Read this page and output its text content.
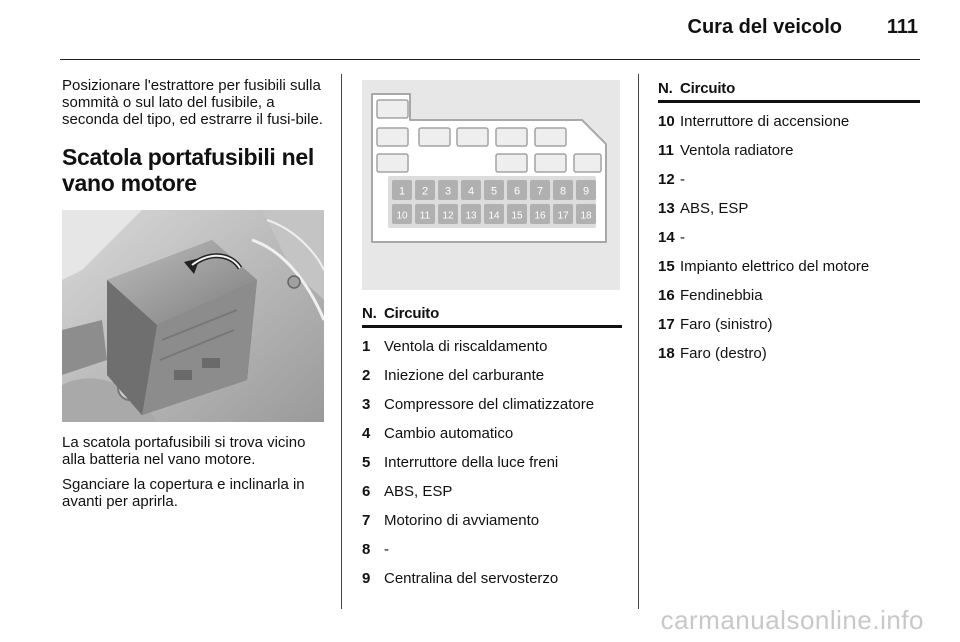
Cura del veicolo 111

Posizionare l'estrattore per fusibili sulla sommità o sul lato del fusibile, a seconda del tipo, ed estrarre il fusi-bile.

Scatola portafusibili nel vano motore

La scatola portafusibili si trova vicino alla batteria nel vano motore.

Sganciare la copertura e inclinarla in avanti per aprirla.

1 2 3 4 5 6 7 8 9
10 11 12 13 14 15 16 17 18
N. Circuito
1 Ventola di riscaldamento
2 Iniezione del carburante
3 Compressore del climatizzatore
4 Cambio automatico
5 Interruttore della luce freni
6 ABS, ESP
7 Motorino di avviamento
8 -
9 Centralina del servosterzo
N. Circuito
10 Interruttore di accensione
11 Ventola radiatore
12 -
13 ABS, ESP
14 -
15 Impianto elettrico del motore
16 Fendinebbia
17 Faro (sinistro)
18 Faro (destro)
carmanualsonline.info
